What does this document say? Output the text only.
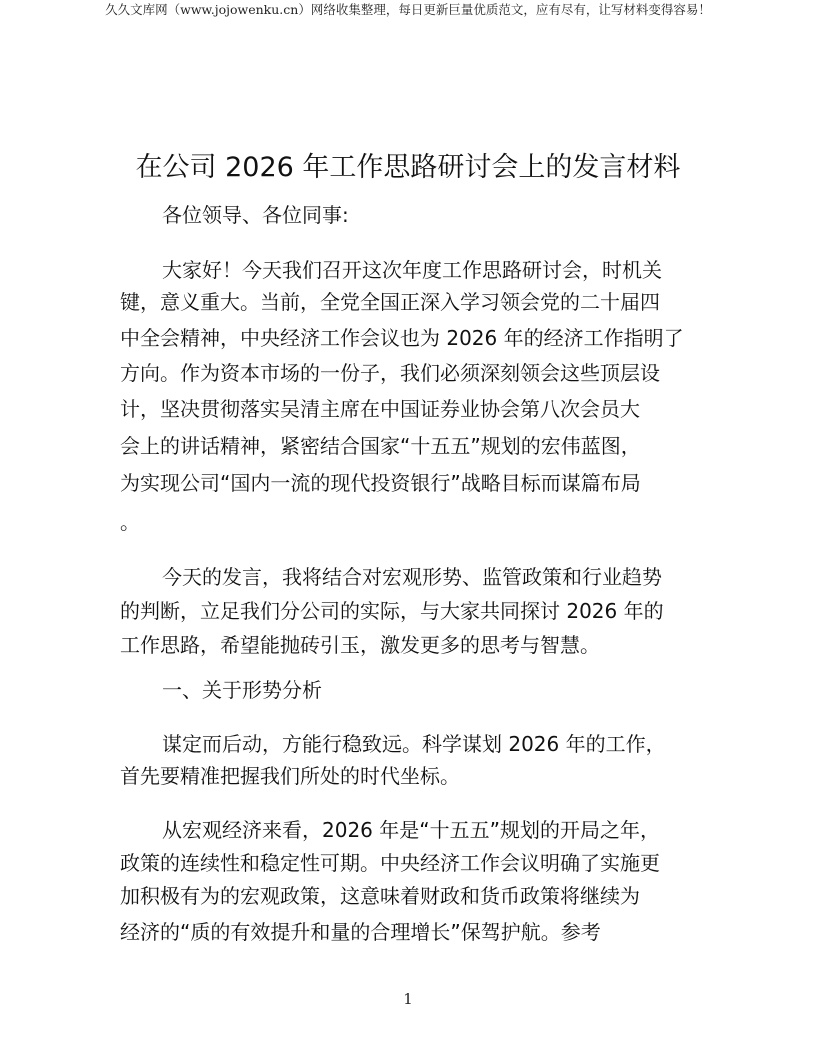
久久文库网（www.jojowenku.cn）网络收集整理，每日更新巨量优质范文，应有尽有，让写材料变得容易！
在公司 2026 年工作思路研讨会上的发言材料
各位领导、各位同事:
大家好！今天我们召开这次年度工作思路研讨会，时机关
键，意义重大。当前，全党全国正深入学习领会党的二十届四
中全会精神，中央经济工作会议也为 2026 年的经济工作指明了
方向。作为资本市场的一份子，我们必须深刻领会这些顶层设
计，坚决贯彻落实吴清主席在中国证券业协会第八次会员大
会上的讲话精神，紧密结合国家“十五五”规划的宏伟蓝图，
为实现公司“国内一流的现代投资银行”战略目标而谋篇布局
。
今天的发言，我将结合对宏观形势、监管政策和行业趋势
的判断，立足我们分公司的实际，与大家共同探讨 2026 年的
工作思路，希望能抛砖引玉，激发更多的思考与智慧。
一、关于形势分析
谋定而后动，方能行稳致远。科学谋划 2026 年的工作，
首先要精准把握我们所处的时代坐标。
从宏观经济来看，2026 年是“十五五”规划的开局之年，
政策的连续性和稳定性可期。中央经济工作会议明确了实施更
加积极有为的宏观政策，这意味着财政和货币政策将继续为
经济的“质的有效提升和量的合理增长”保驾护航。参考
1
